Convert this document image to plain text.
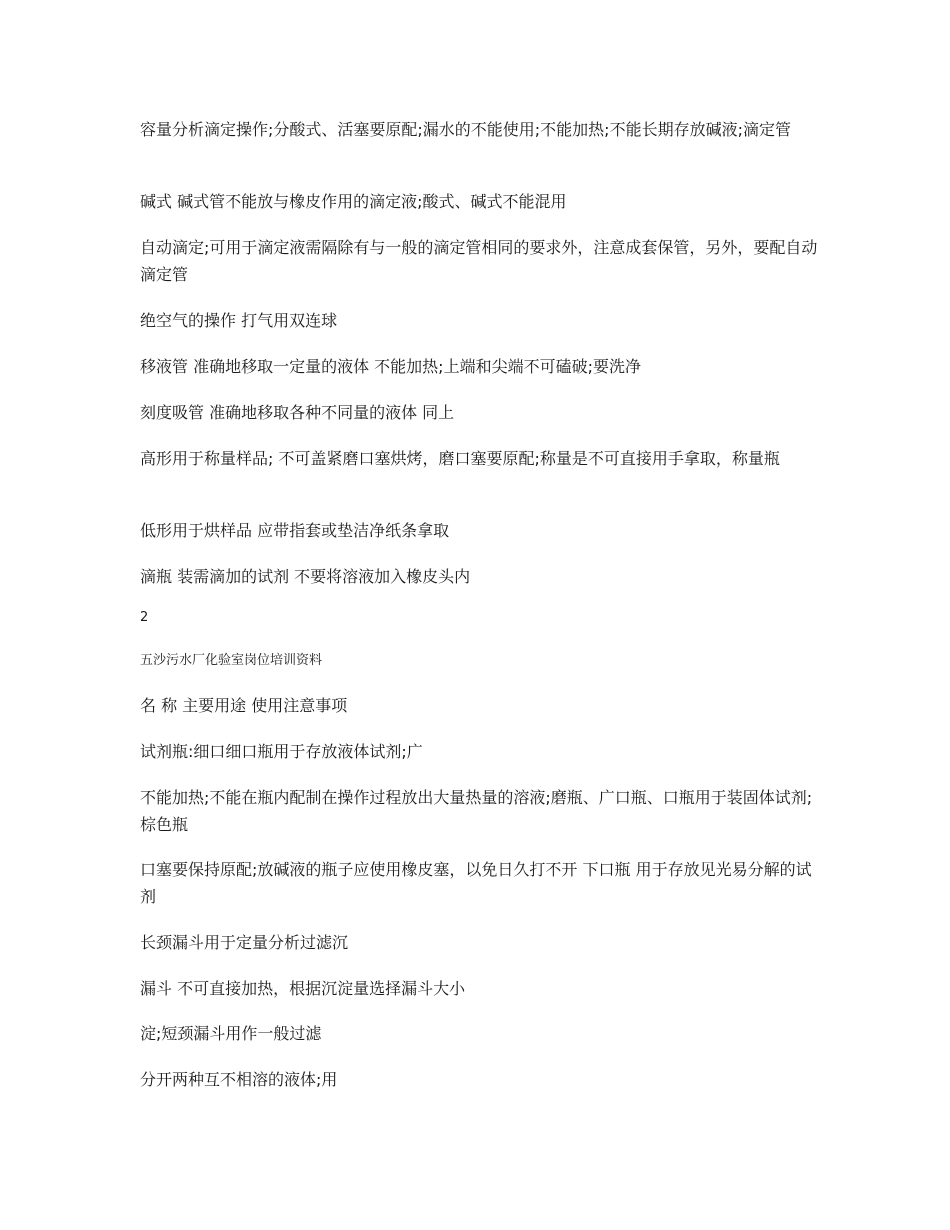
容量分析滴定操作;分酸式、活塞要原配;漏水的不能使用;不能加热;不能长期存放碱液;滴定管

碱式 碱式管不能放与橡皮作用的滴定液;酸式、碱式不能混用

自动滴定;可用于滴定液需隔除有与一般的滴定管相同的要求外，注意成套保管，另外，要配自动滴定管

绝空气的操作 打气用双连球

移液管 准确地移取一定量的液体 不能加热;上端和尖端不可磕破;要洗净

刻度吸管 准确地移取各种不同量的液体 同上

高形用于称量样品; 不可盖紧磨口塞烘烤，磨口塞要原配;称量是不可直接用手拿取，称量瓶

低形用于烘样品 应带指套或垫洁净纸条拿取

滴瓶 装需滴加的试剂 不要将溶液加入橡皮头内

2

五沙污水厂化验室岗位培训资料

名 称 主要用途 使用注意事项

试剂瓶:细口细口瓶用于存放液体试剂;广

不能加热;不能在瓶内配制在操作过程放出大量热量的溶液;磨瓶、广口瓶、口瓶用于装固体试剂;棕色瓶

口塞要保持原配;放碱液的瓶子应使用橡皮塞，以免日久打不开 下口瓶 用于存放见光易分解的试剂

长颈漏斗用于定量分析过滤沉

漏斗 不可直接加热，根据沉淀量选择漏斗大小

淀;短颈漏斗用作一般过滤

分开两种互不相溶的液体;用
